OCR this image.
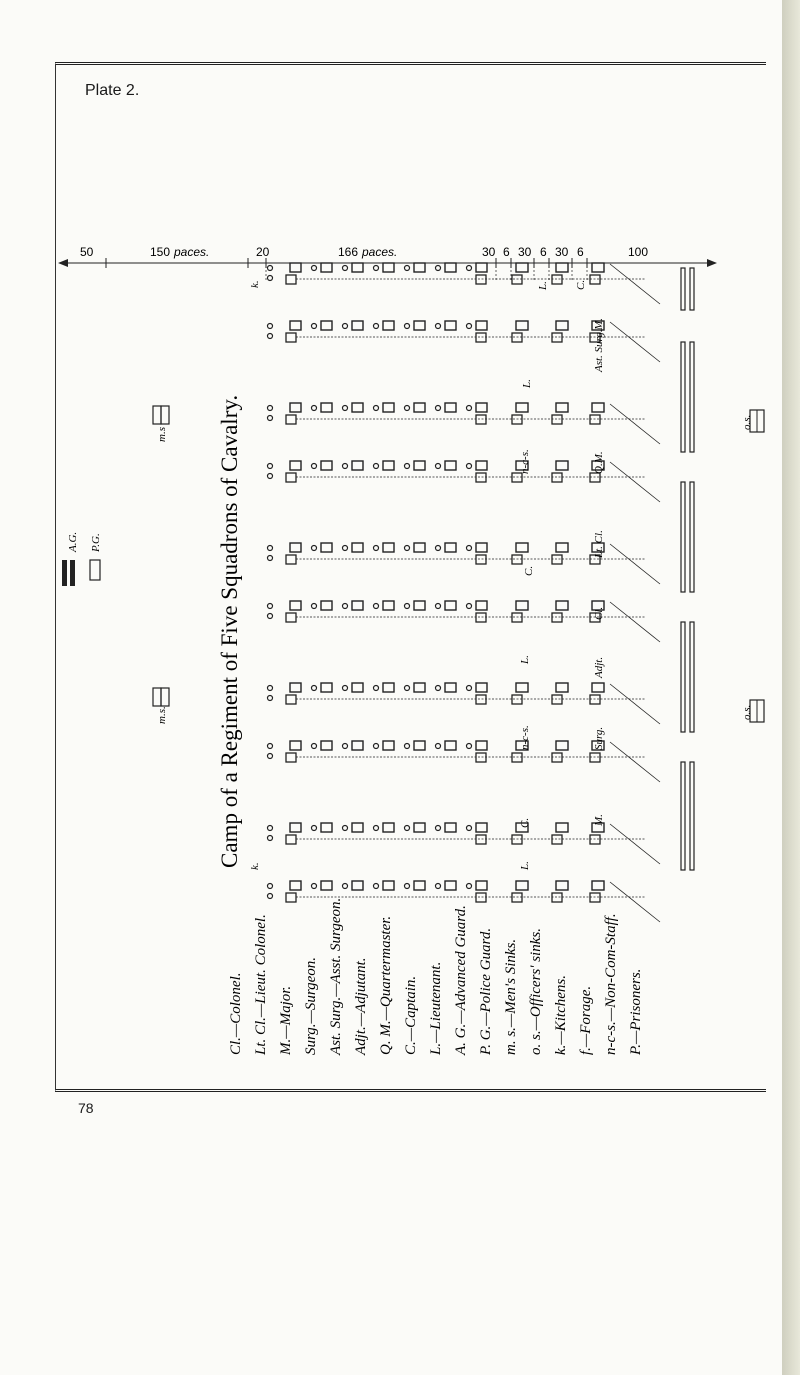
Plate 2.
78
50	150 paces.	20	166 paces.	30 6 30 6 30 6	100
Camp of a Regiment of Five Squadrons of Cavalry.
m.s
m.s.
A.G. P.G.
o.s.
o.s.
k.	L. C.
Ast. Surg.
M.
n-c-s.	Q.M.
L.
Lt. Cl.
C.
Cl.
L.	Adjt.
n-c-s.	Surg.
C.	M.
L.
k.
Cl.—Colonel. Lt. Cl.—Lieut. Colonel. M.—Major. Surg.—Surgeon. Ast. Surg.—Asst. Surgeon. Adjt.—Adjutant. Q. M.—Quartermaster. C.—Captain. L.—Lieutenant. A. G.—Advanced Guard. P. G.—Police Guard. m. s.—Men's Sinks. o. s.—Officers' sinks. k.—Kitchens. f.—Forage. n-c-s.—Non-Com-Staff. P.—Prisoners.
